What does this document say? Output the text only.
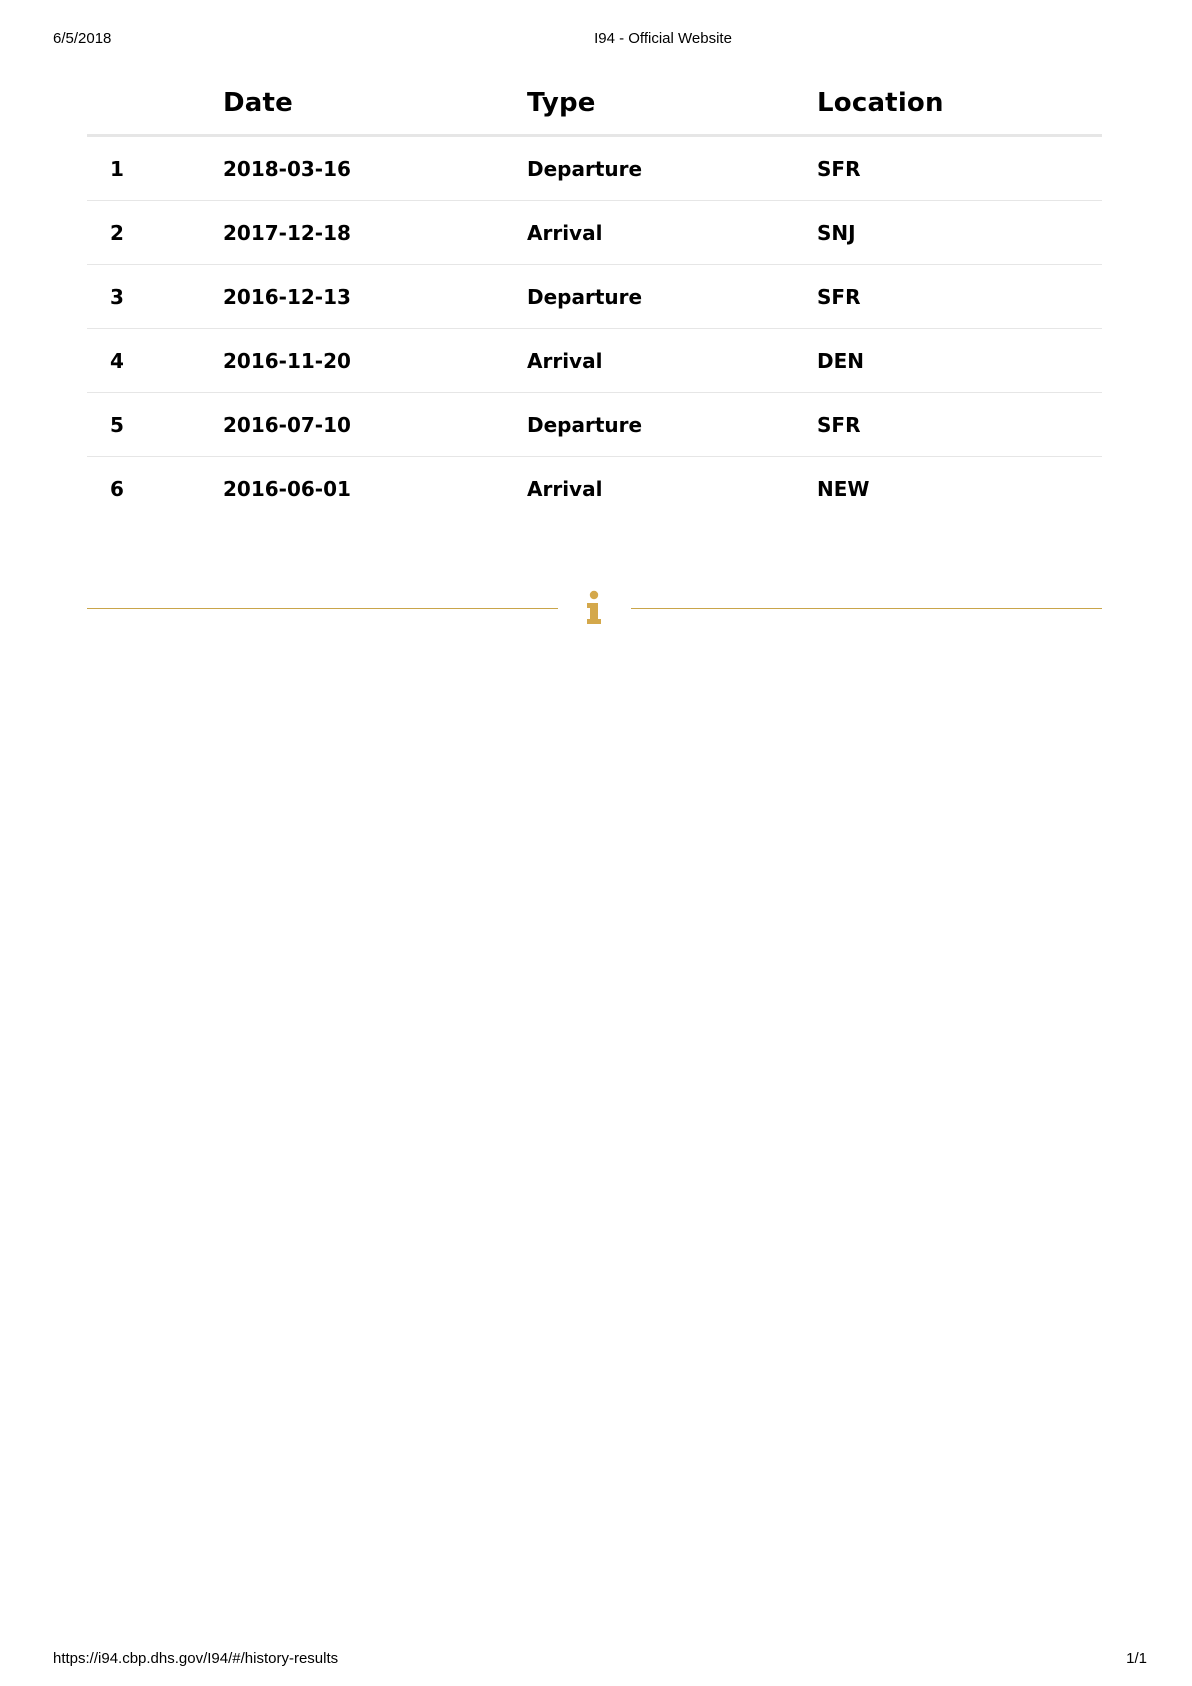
6/5/2018	I94 - Official Website
	Date	Type	Location
1	2018-03-16	Departure	SFR
2	2017-12-18	Arrival	SNJ
3	2016-12-13	Departure	SFR
4	2016-11-20	Arrival	DEN
5	2016-07-10	Departure	SFR
6	2016-06-01	Arrival	NEW
https://i94.cbp.dhs.gov/I94/#/history-results	1/1
